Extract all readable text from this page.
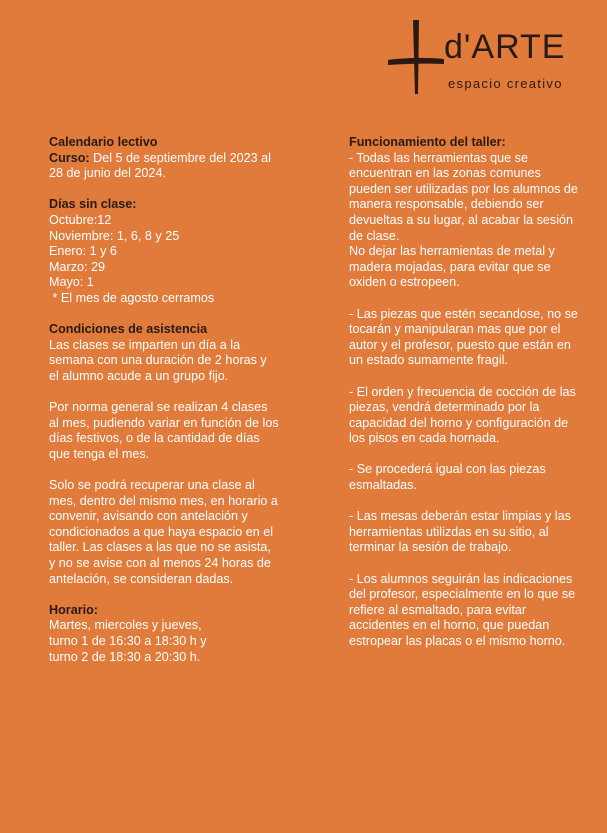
d'ARTE
espacio creativo
Calendario lectivo
Curso: Del 5 de septiembre del 2023 al 28 de junio del 2024.
Días sin clase:
Octubre:12
Noviembre: 1, 6, 8 y 25
Enero: 1 y 6
Marzo: 29
Mayo: 1
* El mes de agosto cerramos
Condiciones de asistencia
Las clases se imparten un día a la semana con una duración de 2 horas y el alumno acude a un grupo fijo.
Por norma general se realizan 4 clases al mes, pudiendo variar en función de los días festivos, o de la cantidad de días que tenga el mes.
Solo se podrá recuperar una clase al mes, dentro del mismo mes, en horario a convenir, avisando con antelación y condicionados a que haya espacio en el taller. Las clases a las que no se asista, y no se avise con al menos 24 horas de antelación, se consideran dadas.
Horario:
Martes, miercoles y jueves,
turno 1 de 16:30 a 18:30 h y
turno 2 de 18:30 a 20:30 h.
Funcionamiento del taller:
- Todas las herramientas que se encuentran en las zonas comunes pueden ser utilizadas por los alumnos de manera responsable, debiendo ser devueltas a su lugar, al acabar la sesión de clase.
No dejar las herramientas de metal y madera mojadas, para evitar que se oxiden o estropeen.
- Las piezas que estén secandose, no se tocarán y manipularan mas que por el autor y el profesor, puesto que están en un estado sumamente fragil.
- El orden y frecuencia de cocción de las piezas, vendrá determinado por la capacidad del horno y configuración de los pisos en cada hornada.
- Se procederá igual con las piezas esmaltadas.
- Las mesas deberán estar limpias y las herramientas utilizdas en su sitio, al terminar la sesión de trabajo.
- Los alumnos seguirán las indicaciones del profesor, especialmente en lo que se refiere al esmaltado, para evitar accidentes en el horno, que puedan estropear las placas o el mismo horno.
